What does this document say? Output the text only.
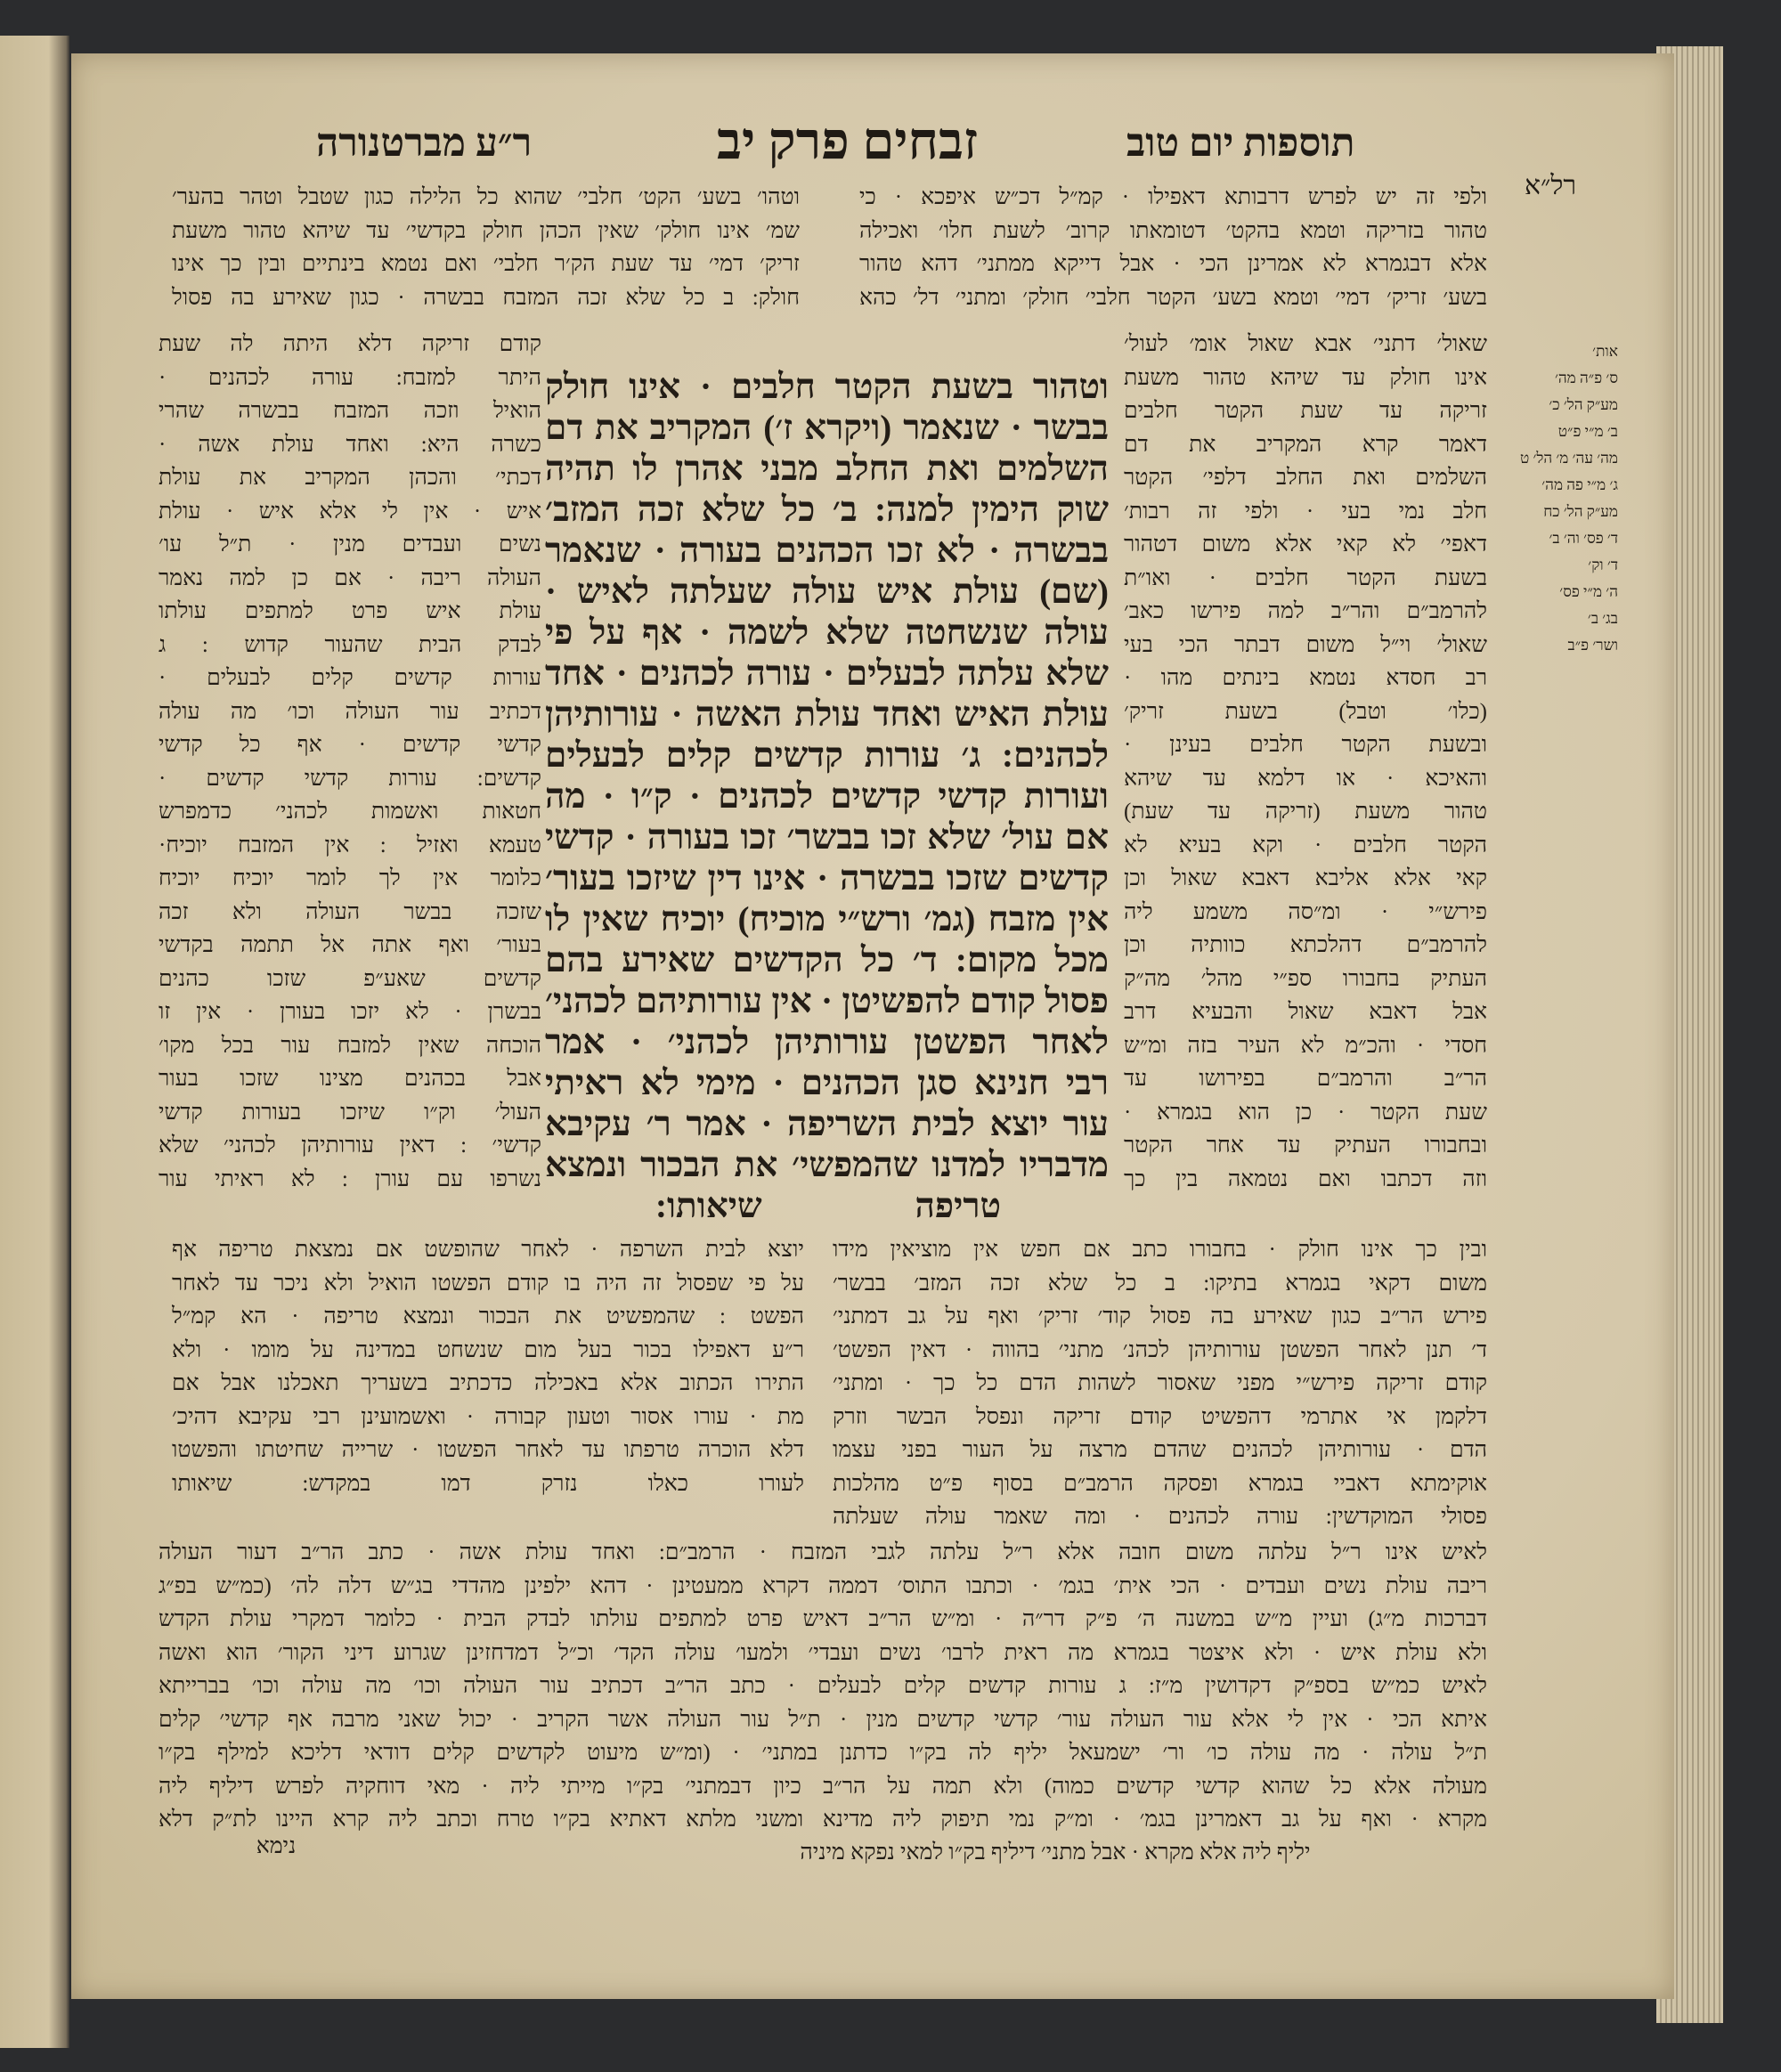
תוספות יום טוב
זבחים פרק יב
ר״ע מברטנורה
רל״א
ולפי זה יש לפרש דרבותא דאפילו · קמ״ל דכ״ש איפכא · כי
טהור בזריקה וטמא בהקט׳ דטומאתו קרוב׳ לשעת חלו׳ ואכילה
אלא דבגמרא לא אמרינן הכי · אבל דייקא ממתני׳ דהא טהור
בשע׳ זריק׳ דמי׳ וטמא בשע׳ הקטר חלבי׳ חולק׳ ומתני׳ דל׳ כהא
שאול׳ דתני׳ אבא שאול אומ׳ לעול׳
אינו חולק עד שיהא טהור משעת
זריקה עד שעת הקטר חלבים
דאמר קרא המקריב את דם
השלמים ואת החלב דלפי׳ הקטר
חלב נמי בעי · ולפי זה רבות׳
דאפי׳ לא קאי אלא משום דטהור
בשעת הקטר חלבים · ואו״ת
להרמב״ם והר״ב למה פירשו כאב׳
שאול׳ וי״ל משום דבתר הכי בעי
רב חסדא נטמא בינתים מהו ·
(כלו׳ וטבל) בשעת זריק׳
ובשעת הקטר חלבים בעינן ·
והאיכא · או דלמא עד שיהא
טהור משעת (זריקה עד שעת)
הקטר חלבים · וקא בעיא לא
קאי אלא אליבא דאבא שאול וכן
פירש״י · ומ״סה משמע ליה
להרמב״ם דהלכתא כוותיה וכן
העתיק בחבורו ספ״י מהל׳ מה״ק
אבל דאבא שאול והבעיא דרב
חסדי · והכ״מ לא העיר בזה ומ״ש
הר״ב והרמב״ם בפירושו עד
שעת הקטר · כן הוא בגמרא ·
ובחבורו העתיק עד אחר הקטר
וזה דכתבו ואם נטמאה בין כך
ובין כך אינו חולק · בחבורו כתב אם חפש אין מוציאין מידו
משום דקאי בגמרא בתיקו: ב כל שלא זכה המזב׳ בבשר׳
פירש הר״ב כגון שאירע בה פסול קוד׳ זריק׳ ואף על גב דמתני׳
ד׳ תנן לאחר הפשטן עורותיהן לכהנ׳ מתני׳ בהווה · דאין הפשט׳
קודם זריקה פירש״י מפני שאסור לשהות הדם כל כך · ומתני׳
דלקמן אי אתרמי דהפשיט קודם זריקה ונפסל הבשר וזרק
הדם · עורותיהן לכהנים שהדם מרצה על העור בפני עצמו
אוקימתא דאביי בגמרא ופסקה הרמב״ם בסוף פ״ט מהלכות
פסולי המוקדשין: עורה לכהנים · ומה שאמר עולה שעלתה
לאיש אינו ר״ל עלתה משום חובה אלא ר״ל עלתה לגבי המזבח · הרמב״ם: ואחד עולת אשה · כתב הר״ב דעור העולה
ריבה עולת נשים ועבדים · הכי אית׳ בגמ׳ · וכתבו התוס׳ דממה דקרא ממעטינן · דהא ילפינן מהדדי בג״ש דלה לה׳ (כמ״ש בפ״ג
דברכות מ״ג) ועיין מ״ש במשנה ה׳ פ״ק דר״ה · ומ״ש הר״ב דאיש פרט למתפים עולתו לבדק הבית · כלומר דמקרי עולת הקדש
ולא עולת איש · ולא איצטר בגמרא מה ראית לרבו׳ נשים ועבדי׳ ולמעו׳ עולה הקד׳ וכ״ל דמדחזינן שגרוע דיני הקור׳ הוא ואשה
לאיש כמ״ש בספ״ק דקדושין מ״ז: ג עורות קדשים קלים לבעלים · כתב הר״ב דכתיב עור העולה וכו׳ מה עולה וכו׳ בברייתא
איתא הכי · אין לי אלא עור העולה עור׳ קדשי קדשים מנין · ת״ל עור העולה אשר הקריב · יכול שאני מרבה אף קדשי׳ קלים
ת״ל עולה · מה עולה כו׳ ור׳ ישמעאל יליף לה בק״ו כדתנן במתני׳ · (ומ״ש מיעוט לקדשים קלים דודאי דליכא למילף בק״ו
מעולה אלא כל שהוא קדשי קדשים כמוה) ולא תמה על הר״ב כיון דבמתני׳ בק״ו מייתי ליה · מאי דוחקיה לפרש דיליף ליה
מקרא · ואף על גב דאמרינן בגמ׳ · ומ״ק נמי תיפוק ליה מדינא ומשני מלתא דאתיא בק״ו טרח וכתב ליה קרא היינו לת״ק דלא
יליף ליה אלא מקרא · אבל מתני׳ דיליף בק״ו למאי נפקא מיניה
נימא
וטהו׳ בשע׳ הקט׳ חלבי׳ שהוא כל הלילה כגון שטבל וטהר בהער׳
שמ׳ אינו חולק׳ שאין הכהן חולק בקדשי׳ עד שיהא טהור משעת
זריק׳ דמי׳ עד שעת הק׳ר חלבי׳ ואם נטמא בינתיים ובין כך אינו
חולק: ב כל שלא זכה המזבח בבשרה · כגון שאירע בה פסול
קודם זריקה דלא היתה לה שעת
היתר למזבח: עורה לכהנים ·
הואיל וזכה המזבח בבשרה שהרי
כשרה היא: ואחד עולת אשה ·
דכתי׳ והכהן המקריב את עולת
איש · אין לי אלא איש · עולת
נשים ועבדים מנין · ת״ל עו׳
העולה ריבה · אם כן למה נאמר
עולת איש פרט למתפים עולתו
לבדק הבית שהעור קדוש : ג
עורות קדשים קלים לבעלים ·
דכתיב עור העולה וכו׳ מה עולה
קדשי קדשים · אף כל קדשי
קדשים: עורות קדשי קדשים ·
חטאות ואשמות לכהני׳ כדמפרש
טעמא ואזיל : אין המזבח יוכיח·
כלומר אין לך לומר יוכיח יוכיח
שזכה בבשר העולה ולא זכה
בעור׳ ואף אתה אל תתמה בקדשי
קדשים שאע״פ שזכו כהנים
בבשרן · לא יזכו בעורן · אין זו
הוכחה שאין למזבח עור בכל מקו׳
אבל בכהנים מצינו שזכו בעור
העול׳ וק״ו שיזכו בעורות קדשי
קדשי׳ : דאין עורותיהן לכהני׳ שלא
נשרפו עם עורן : לא ראיתי עור
יוצא לבית השרפה · לאחר שהופשט אם נמצאת טריפה אף
על פי שפסול זה היה בו קודם הפשטו הואיל ולא ניכר עד לאחר
הפשט : שהמפשיט את הבכור ונמצא טריפה · הא קמ״ל
ר״ע דאפילו בכור בעל מום שנשחט במדינה על מומו · ולא
התירו הכתוב אלא באכילה כדכתיב בשעריך תאכלנו אבל אם
מת · עורו אסור וטעון קבורה · ואשמועינן רבי עקיבא דהיכ׳
דלא הוכרה טרפתו עד לאחר הפשטו · שרייה שחיטתו והפשטו
לעורו כאלו נזרק דמו במקדש: שיאותו
וטהור בשעת הקטר חלבים · אינו חולק
בבשר · שנאמר (ויקרא ז׳) המקריב את דם
השלמים ואת החלב מבני אהרן לו תהיה
שוק הימין למנה: ב׳ כל שלא זכה המזב׳
בבשרה · לא זכו הכהנים בעורה · שנאמר
(שם) עולת איש עולה שעלתה לאיש ·
עולה שנשחטה שלא לשמה · אף על פי
שלא עלתה לבעלים · עורה לכהנים · אחד
עולת האיש ואחד עולת האשה · עורותיהן
לכהנים: ג׳ עורות קדשים קלים לבעלים
ועורות קדשי קדשים לכהנים · ק״ו · מה
אם עול׳ שלא זכו בבשר׳ זכו בעורה · קדשי
קדשים שזכו בבשרה · אינו דין שיזכו בעור׳
אין מזבח (גמ׳ ורש״י מוכיח) יוכיח שאין לו
מכל מקום: ד׳ כל הקדשים שאירע בהם
פסול קודם להפשיטן · אין עורותיהם לכהני׳
לאחר הפשטן עורותיהן לכהני׳ · אמר
רבי חנינא סגן הכהנים · מימי לא ראיתי
עור יוצא לבית השריפה · אמר ר׳ עקיבא
מדבריו למדנו שהמפשי׳ את הבכור ונמצא
טריפה
שיאותו:
אות׳
ס׳ פ״ה מה׳
מע״ק הל׳ כ׳
ב׳ מ״י פ״ט
מה׳ עה׳ מ׳ הל׳ ט
ג׳ מ״י פה מה׳
מע״ק הל׳ כח
ד׳ פס׳ וה׳ ב׳
ד׳ וק׳
ה׳ מ״י פס׳
בג׳ ב׳
ושר׳ פ״ב
